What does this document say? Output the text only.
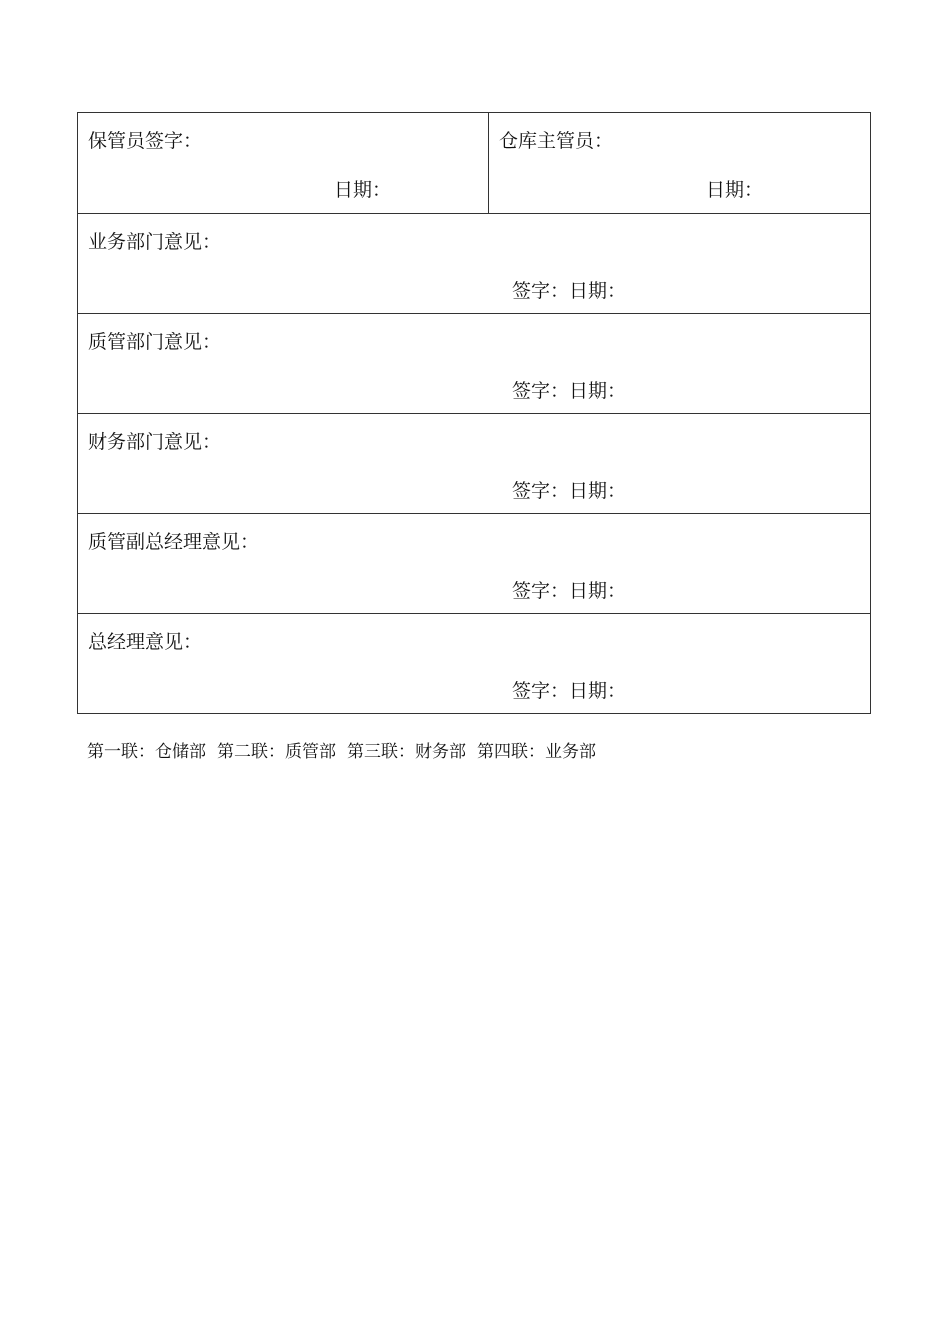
保管员签字：
日期：
仓库主管员：
日期：
业务部门意见：
签字：日期：
质管部门意见：
签字：日期：
财务部门意见：
签字：日期：
质管副总经理意见：
签字：日期：
总经理意见：
签字：日期：
第一联：仓储部 第二联：质管部 第三联：财务部 第四联：业务部
